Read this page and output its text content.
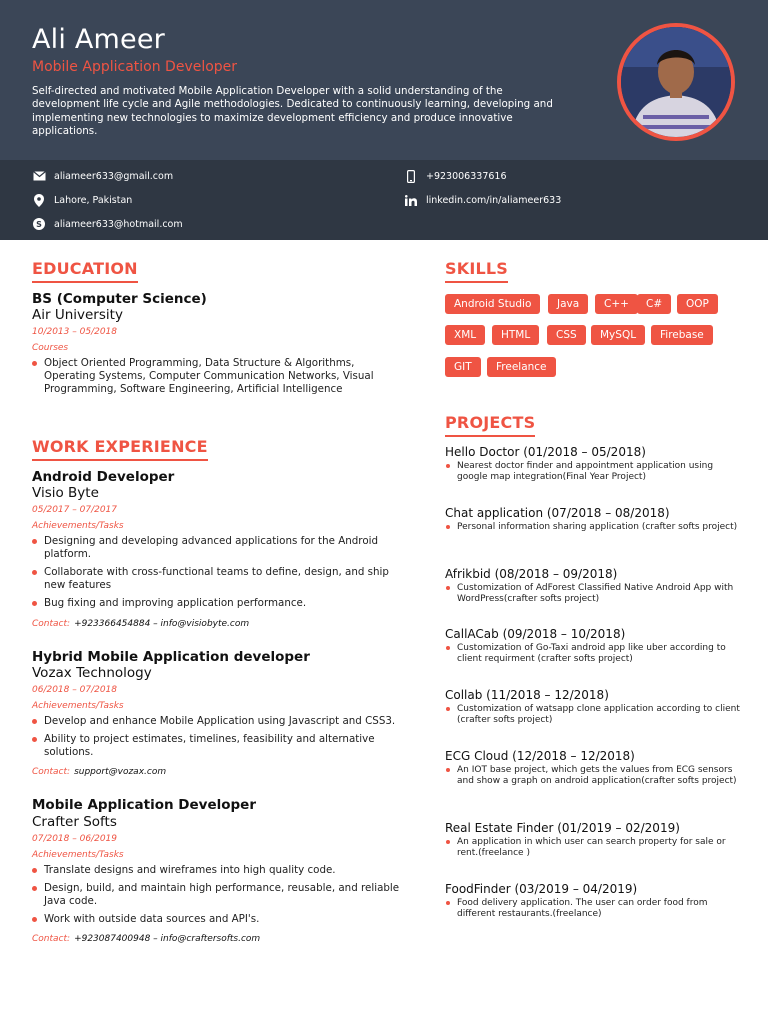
Ali Ameer
Mobile Application Developer
Self-directed and motivated Mobile Application Developer with a solid understanding of the development life cycle and Agile methodologies. Dedicated to continuously learning, developing and implementing new technologies to maximize development efficiency and produce innovative applications.
aliameer633@gmail.com
Lahore, Pakistan
S aliameer633@hotmail.com
+923006337616
linkedin.com/in/aliameer633
EDUCATION
BS (Computer Science)
Air University
10/2013 – 05/2018
Courses
Object Oriented Programming, Data Structure & Algorithms, Operating Systems, Computer Communication Networks, Visual Programming, Software Engineering, Artificial Intelligence
WORK EXPERIENCE
Android Developer
Visio Byte
05/2017 – 07/2017
Achievements/Tasks
Designing and developing advanced applications for the Android platform.
Collaborate with cross-functional teams to define, design, and ship new features
Bug fixing and improving application performance.
Contact: +923366454884 – info@visiobyte.com
Hybrid Mobile Application developer
Vozax Technology
06/2018 – 07/2018
Achievements/Tasks
Develop and enhance Mobile Application using Javascript and CSS3.
Ability to project estimates, timelines, feasibility and alternative solutions.
Contact: support@vozax.com
Mobile Application Developer
Crafter Softs
07/2018 – 06/2019
Achievements/Tasks
Translate designs and wireframes into high quality code.
Design, build, and maintain high performance, reusable, and reliable Java code.
Work with outside data sources and API's.
Contact: +923087400948 – info@craftersofts.com
SKILLS
Android Studio	Java	C++	C#	OOP
XML	HTML	CSS	MySQL	Firebase
GIT	Freelance
PROJECTS
Hello Doctor (01/2018 – 05/2018)
Nearest doctor finder and appointment application using google map integration(Final Year Project)
Chat application (07/2018 – 08/2018)
Personal information sharing application (crafter softs project)
Afrikbid (08/2018 – 09/2018)
Customization of AdForest Classified Native Android App with WordPress(crafter softs project)
CallACab (09/2018 – 10/2018)
Customization of Go-Taxi android app like uber according to client requirment (crafter softs project)
Collab (11/2018 – 12/2018)
Customization of watsapp clone application according to client (crafter softs project)
ECG Cloud (12/2018 – 12/2018)
An IOT base project, which gets the values from ECG sensors and show a graph on android application(crafter softs project)
Real Estate Finder (01/2019 – 02/2019)
An application in which user can search property for sale or rent.(freelance )
FoodFinder (03/2019 – 04/2019)
Food delivery application. The user can order food from different restaurants.(freelance)
